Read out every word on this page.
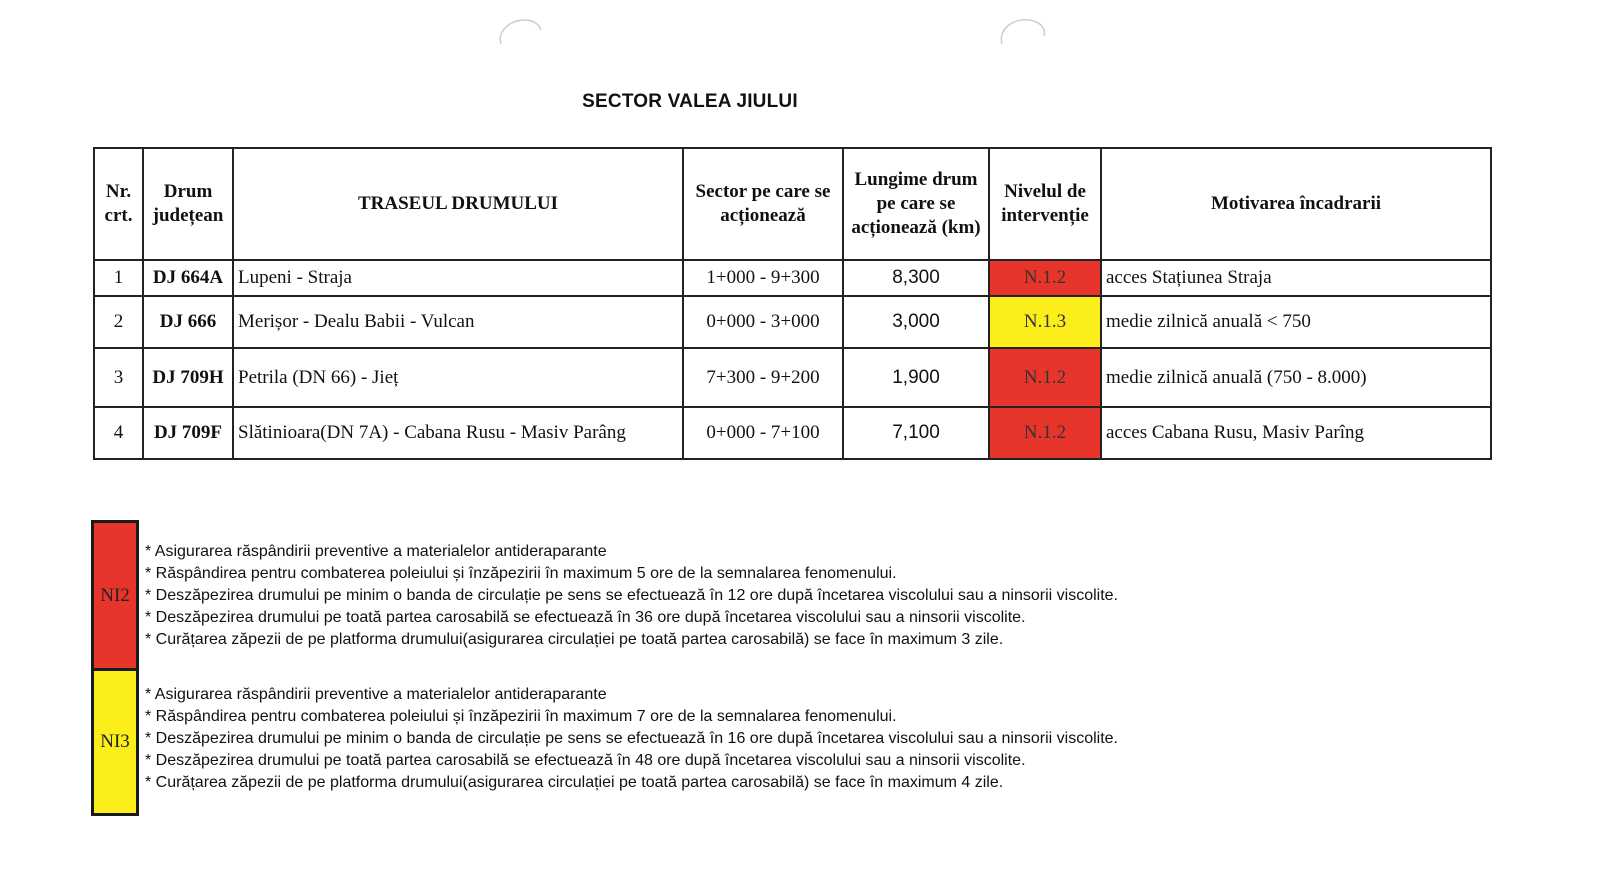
SECTOR VALEA JIULUI
Nr. crt.	Drum județean	TRASEUL DRUMULUI	Sector pe care se acționează	Lungime drum pe care se acționează (km)	Nivelul de intervenție	Motivarea încadrarii
1	DJ 664A	Lupeni - Straja	1+000 - 9+300	8,300	N.1.2	acces Stațiunea Straja
2	DJ 666	Merișor - Dealu Babii - Vulcan	0+000 - 3+000	3,000	N.1.3	medie zilnică anuală < 750
3	DJ 709H	Petrila (DN 66) - Jieț	7+300 - 9+200	1,900	N.1.2	medie zilnică anuală (750 - 8.000)
4	DJ 709F	Slătinioara(DN 7A) - Cabana Rusu - Masiv Parâng	0+000 - 7+100	7,100	N.1.2	acces Cabana Rusu, Masiv Parîng
NI2
* Asigurarea răspândirii preventive a materialelor antideraparante
* Răspândirea pentru combaterea poleiului și înzăpezirii în maximum 5 ore de la semnalarea fenomenului.
* Deszăpezirea drumului pe minim o banda de circulație pe sens se efectuează în 12 ore după încetarea viscolului sau a ninsorii viscolite.
* Deszăpezirea drumului pe toată partea carosabilă se efectuează în 36 ore după încetarea viscolului sau a ninsorii viscolite.
* Curățarea zăpezii de pe platforma drumului(asigurarea circulației pe toată partea carosabilă) se face în maximum 3 zile.
NI3
* Asigurarea răspândirii preventive a materialelor antideraparante
* Răspândirea pentru combaterea poleiului și înzăpezirii în maximum 7 ore de la semnalarea fenomenului.
* Deszăpezirea drumului pe minim o banda de circulație pe sens se efectuează în 16 ore după încetarea viscolului sau a ninsorii viscolite.
* Deszăpezirea drumului pe toată partea carosabilă se efectuează în 48 ore după încetarea viscolului sau a ninsorii viscolite.
* Curățarea zăpezii de pe platforma drumului(asigurarea circulației pe toată partea carosabilă) se face în maximum 4 zile.
